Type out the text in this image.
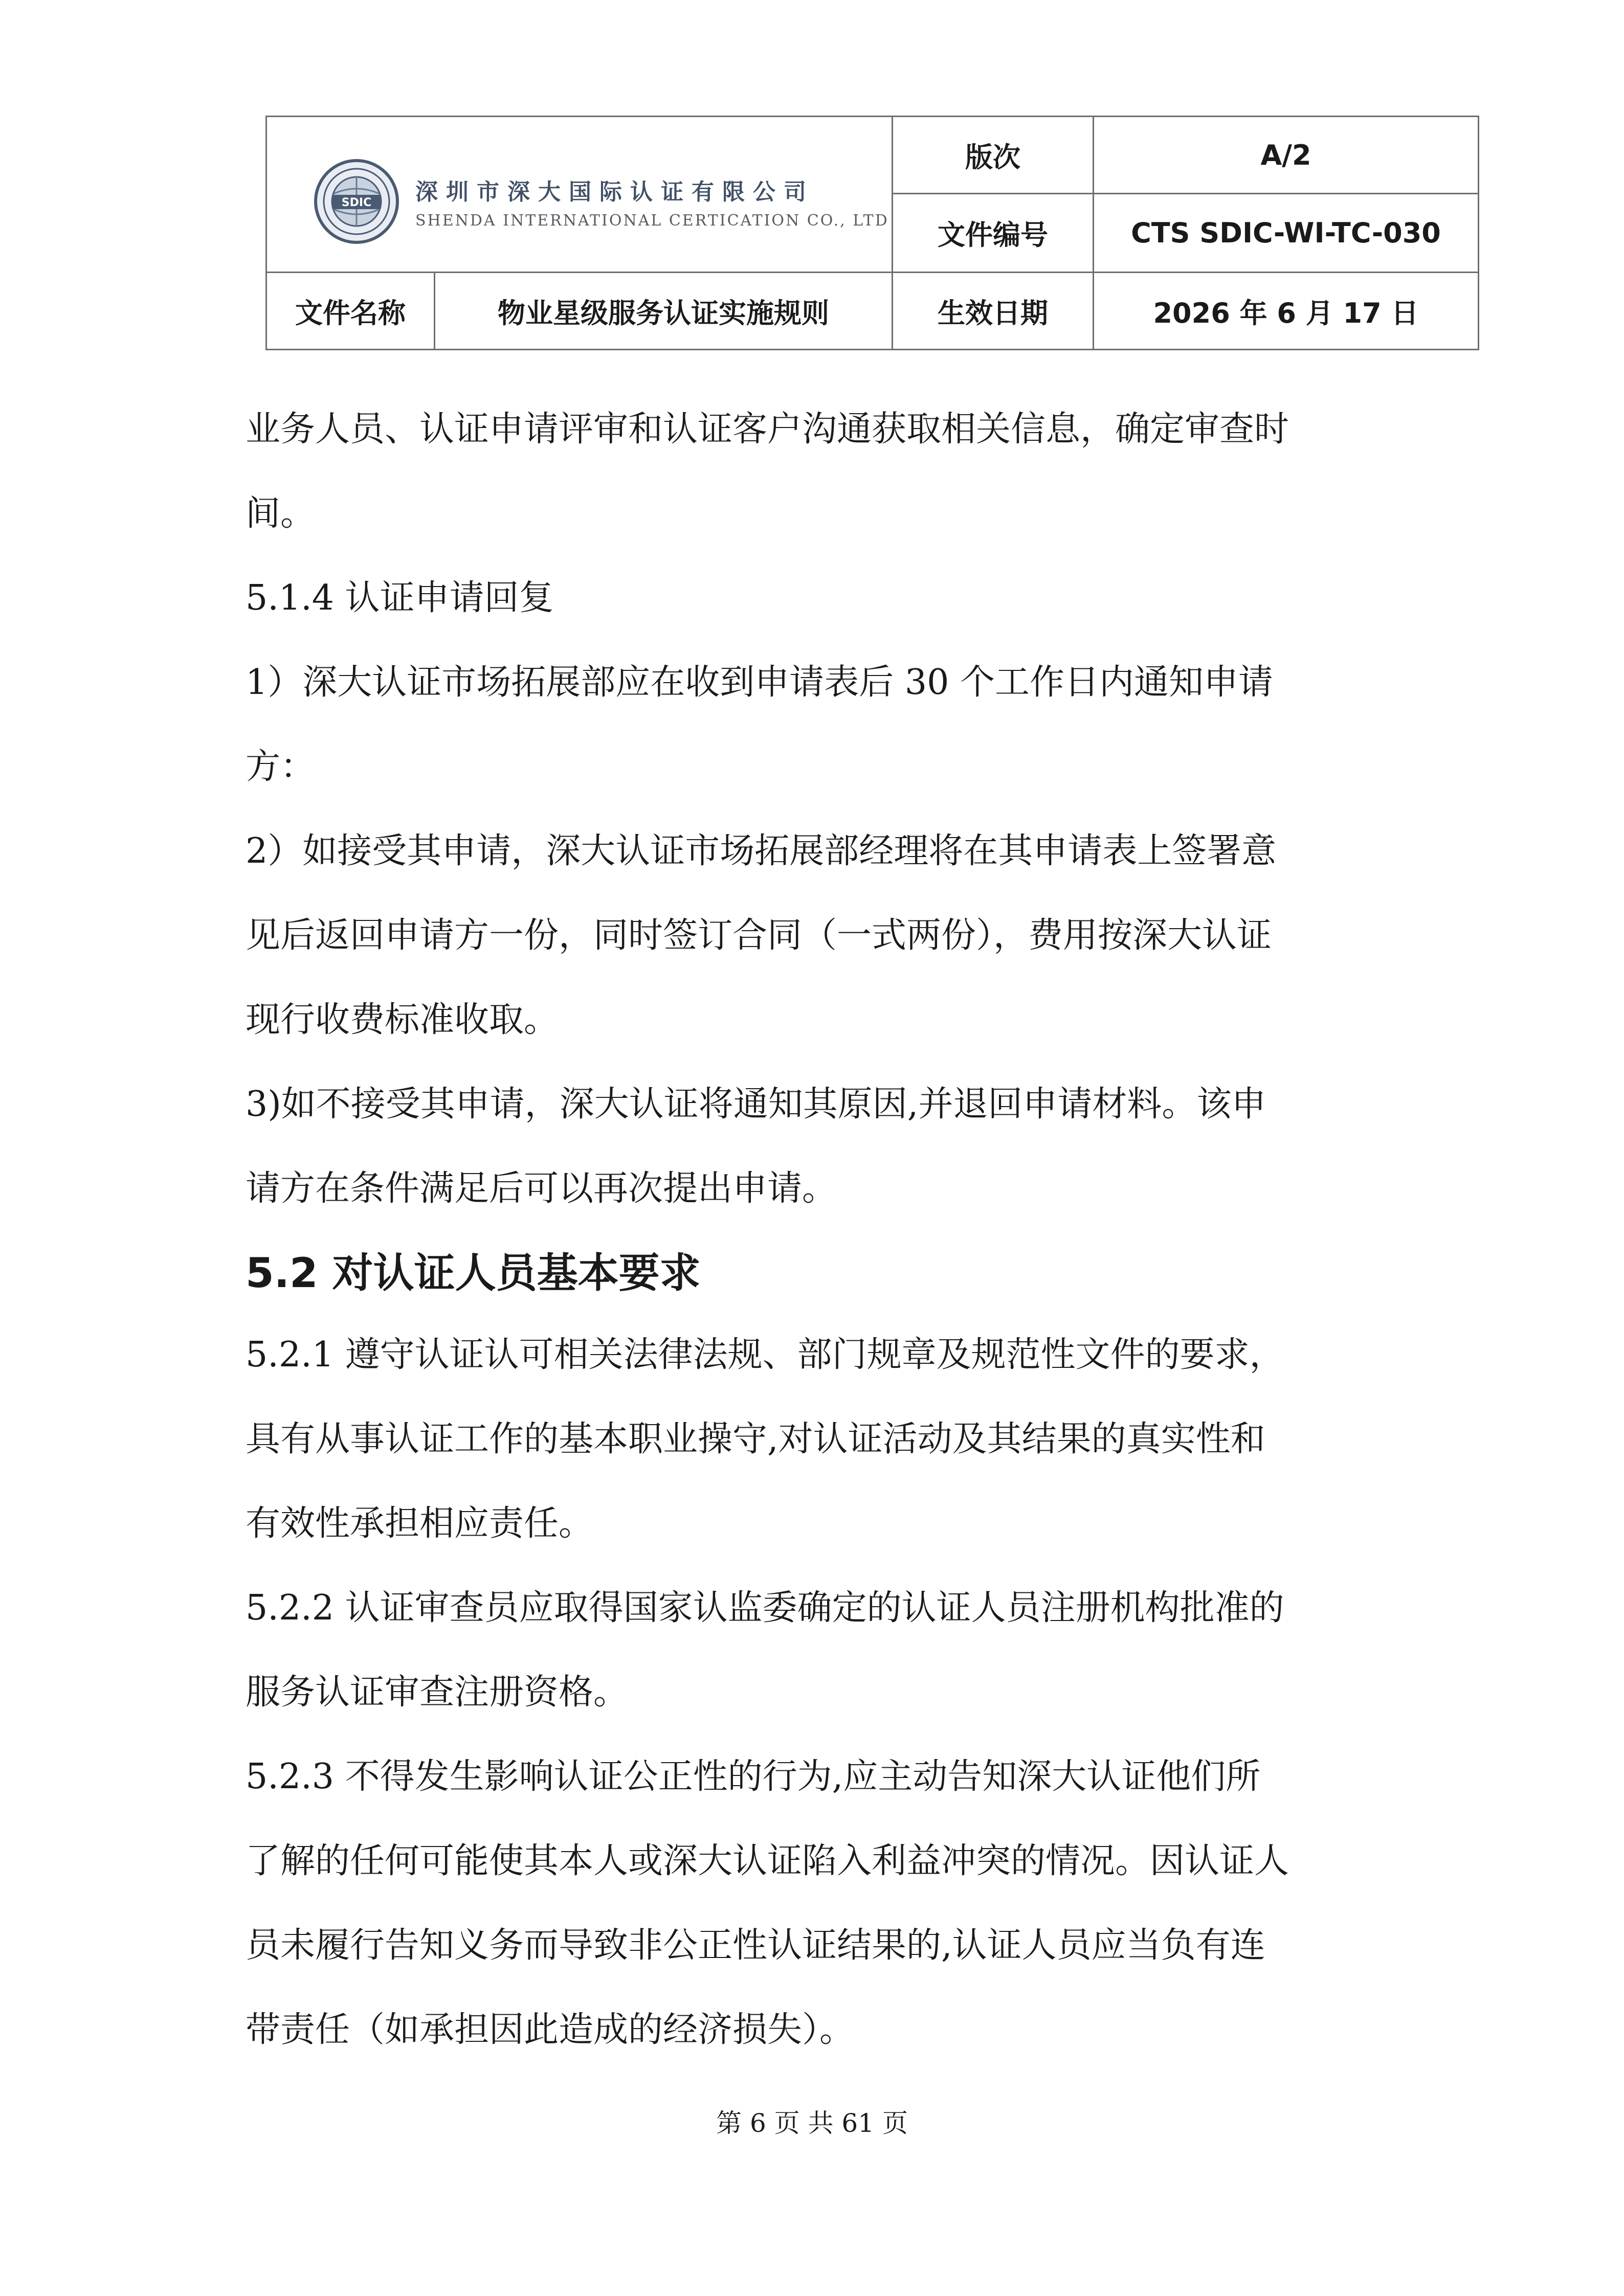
SDIC 深圳市深大国际认证有限公司
SHENDA INTERNATIONAL CERTICATION CO., LTD
版次	A/2
文件编号	CTS SDIC-WI-TC-030
文件名称	物业星级服务认证实施规则	生效日期	2026 年 6 月 17 日
业务人员、认证申请评审和认证客户沟通获取相关信息，确定审查时
间。
5.1.4 认证申请回复
1）深大认证市场拓展部应在收到申请表后 30 个工作日内通知申请
方：
2）如接受其申请，深大认证市场拓展部经理将在其申请表上签署意
见后返回申请方一份，同时签订合同（一式两份），费用按深大认证
现行收费标准收取。
3)如不接受其申请，深大认证将通知其原因,并退回申请材料。该申
请方在条件满足后可以再次提出申请。
5.2 对认证人员基本要求
5.2.1 遵守认证认可相关法律法规、部门规章及规范性文件的要求，
具有从事认证工作的基本职业操守,对认证活动及其结果的真实性和
有效性承担相应责任。
5.2.2 认证审查员应取得国家认监委确定的认证人员注册机构批准的
服务认证审查注册资格。
5.2.3 不得发生影响认证公正性的行为,应主动告知深大认证他们所
了解的任何可能使其本人或深大认证陷入利益冲突的情况。因认证人
员未履行告知义务而导致非公正性认证结果的,认证人员应当负有连
带责任（如承担因此造成的经济损失）。
第 6 页 共 61 页
